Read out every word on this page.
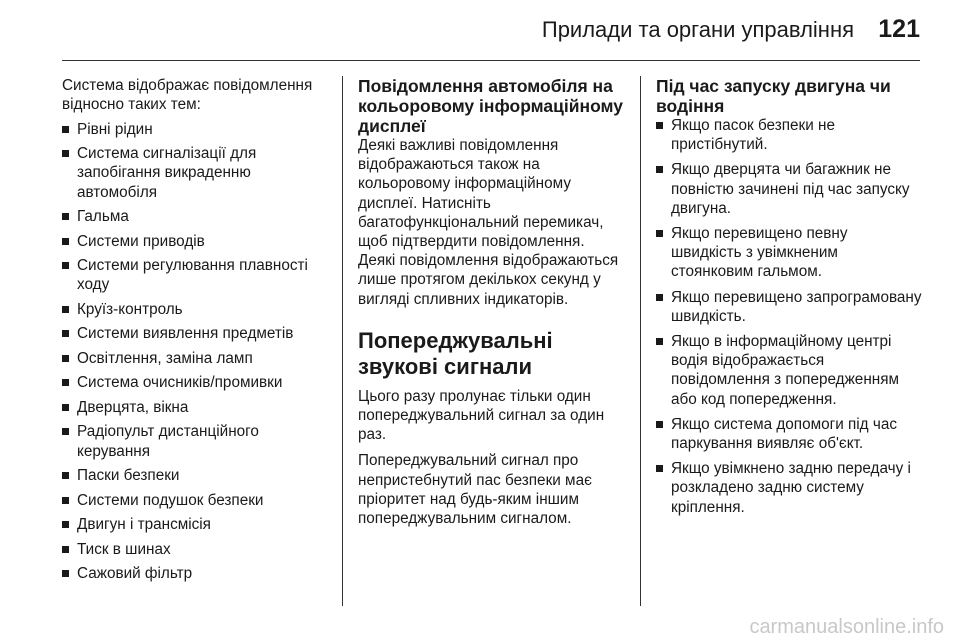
Прилади та органи управління 121

Система відображає повідомлення відносно таких тем:

Рівні рідин
Система сигналізації для запобігання викраденню автомобіля
Гальма
Системи приводів
Системи регулювання плавності ходу
Круїз-контроль
Системи виявлення предметів
Освітлення, заміна ламп
Система очисників/промивки
Дверцята, вікна
Радіопульт дистанційного керування
Паски безпеки
Системи подушок безпеки
Двигун і трансмісія
Тиск в шинах
Сажовий фільтр

Повідомлення автомобіля на кольоровому інформаційному дисплеї

Деякі важливі повідомлення відображаються також на кольоровому інформаційному дисплеї. Натисніть багатофункціональний перемикач, щоб підтвердити повідомлення. Деякі повідомлення відображаються лише протягом декількох секунд у вигляді спливних індикаторів.

Попереджувальні звукові сигнали

Цього разу пролунає тільки один попереджувальний сигнал за один раз.

Попереджувальний сигнал про непристебнутий пас безпеки має пріоритет над будь-яким іншим попереджувальним сигналом.

Під час запуску двигуна чи водіння

Якщо пасок безпеки не пристібнутий.
Якщо дверцята чи багажник не повністю зачинені під час запуску двигуна.
Якщо перевищено певну швидкість з увімкненим стоянковим гальмом.
Якщо перевищено запрограмовану швидкість.
Якщо в інформаційному центрі водія відображається повідомлення з попередженням або код попередження.
Якщо система допомоги під час паркування виявляє об'єкт.
Якщо увімкнено задню передачу і розкладено задню систему кріплення.
carmanualsonline.info
